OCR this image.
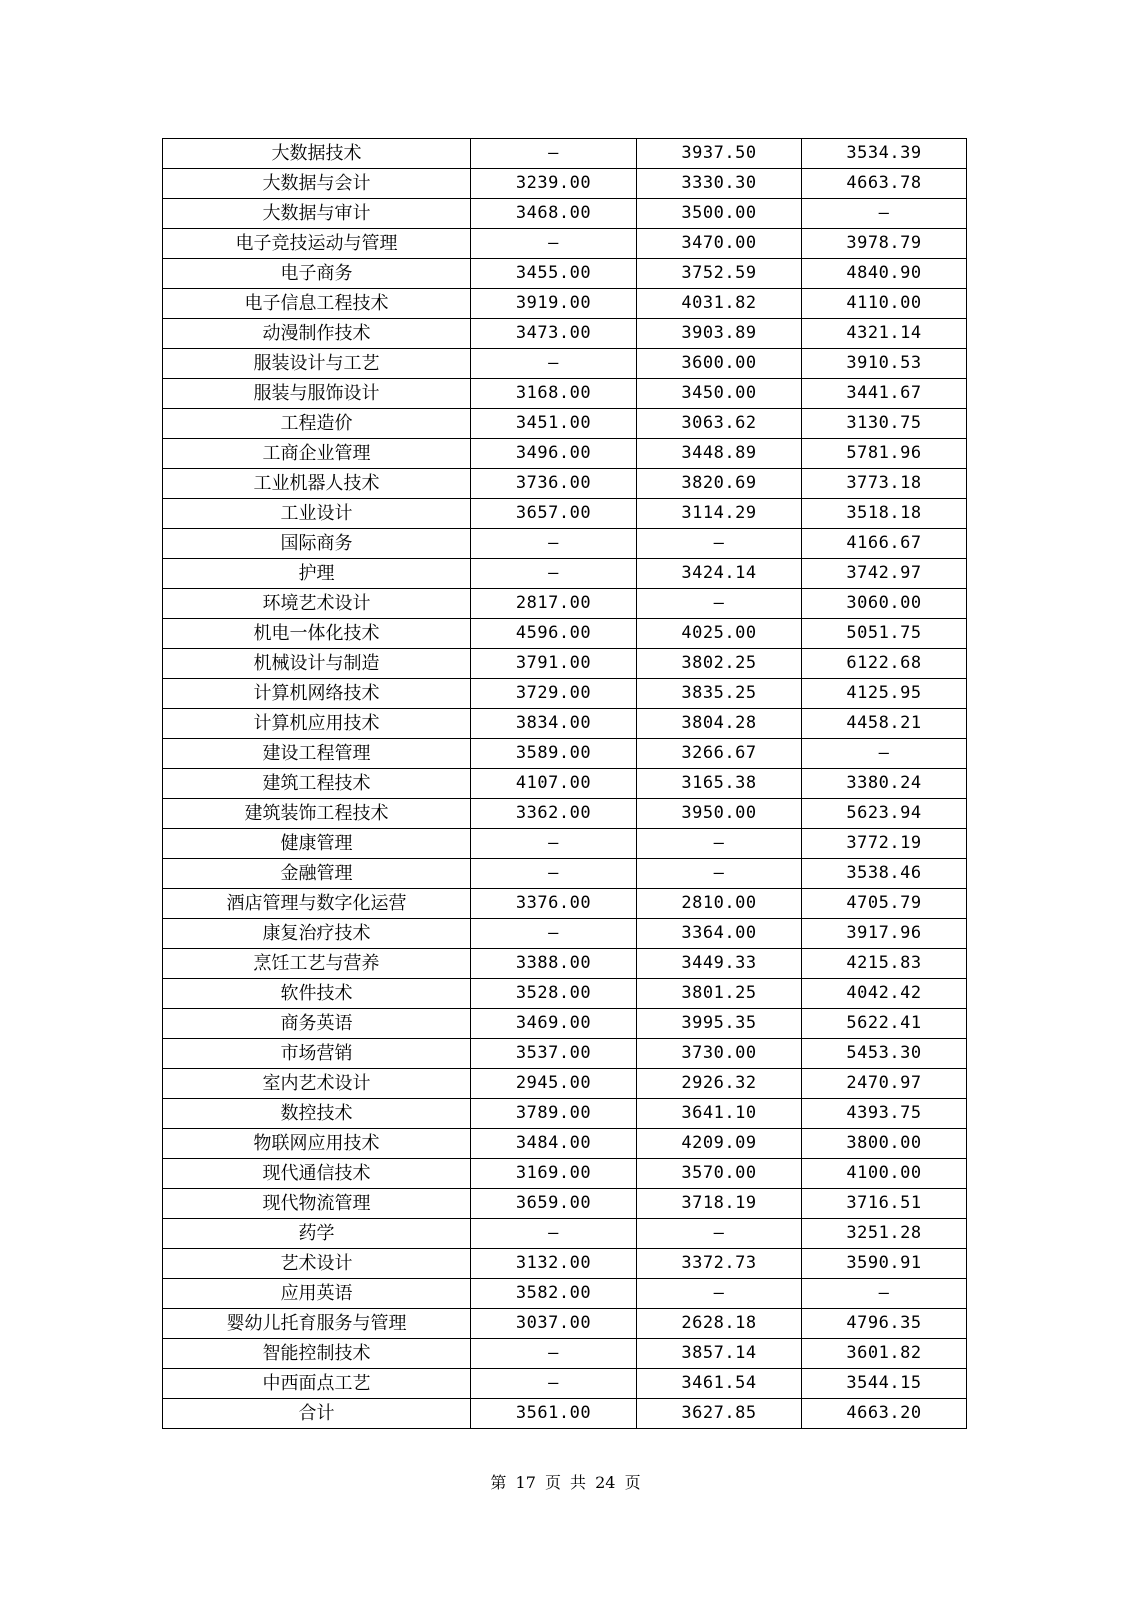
大数据技术	–	3937.50	3534.39
大数据与会计	3239.00	3330.30	4663.78
大数据与审计	3468.00	3500.00	–
电子竞技运动与管理	–	3470.00	3978.79
电子商务	3455.00	3752.59	4840.90
电子信息工程技术	3919.00	4031.82	4110.00
动漫制作技术	3473.00	3903.89	4321.14
服装设计与工艺	–	3600.00	3910.53
服装与服饰设计	3168.00	3450.00	3441.67
工程造价	3451.00	3063.62	3130.75
工商企业管理	3496.00	3448.89	5781.96
工业机器人技术	3736.00	3820.69	3773.18
工业设计	3657.00	3114.29	3518.18
国际商务	–	–	4166.67
护理	–	3424.14	3742.97
环境艺术设计	2817.00	–	3060.00
机电一体化技术	4596.00	4025.00	5051.75
机械设计与制造	3791.00	3802.25	6122.68
计算机网络技术	3729.00	3835.25	4125.95
计算机应用技术	3834.00	3804.28	4458.21
建设工程管理	3589.00	3266.67	–
建筑工程技术	4107.00	3165.38	3380.24
建筑装饰工程技术	3362.00	3950.00	5623.94
健康管理	–	–	3772.19
金融管理	–	–	3538.46
酒店管理与数字化运营	3376.00	2810.00	4705.79
康复治疗技术	–	3364.00	3917.96
烹饪工艺与营养	3388.00	3449.33	4215.83
软件技术	3528.00	3801.25	4042.42
商务英语	3469.00	3995.35	5622.41
市场营销	3537.00	3730.00	5453.30
室内艺术设计	2945.00	2926.32	2470.97
数控技术	3789.00	3641.10	4393.75
物联网应用技术	3484.00	4209.09	3800.00
现代通信技术	3169.00	3570.00	4100.00
现代物流管理	3659.00	3718.19	3716.51
药学	–	–	3251.28
艺术设计	3132.00	3372.73	3590.91
应用英语	3582.00	–	–
婴幼儿托育服务与管理	3037.00	2628.18	4796.35
智能控制技术	–	3857.14	3601.82
中西面点工艺	–	3461.54	3544.15
合计	3561.00	3627.85	4663.20
第 17 页 共 24 页
